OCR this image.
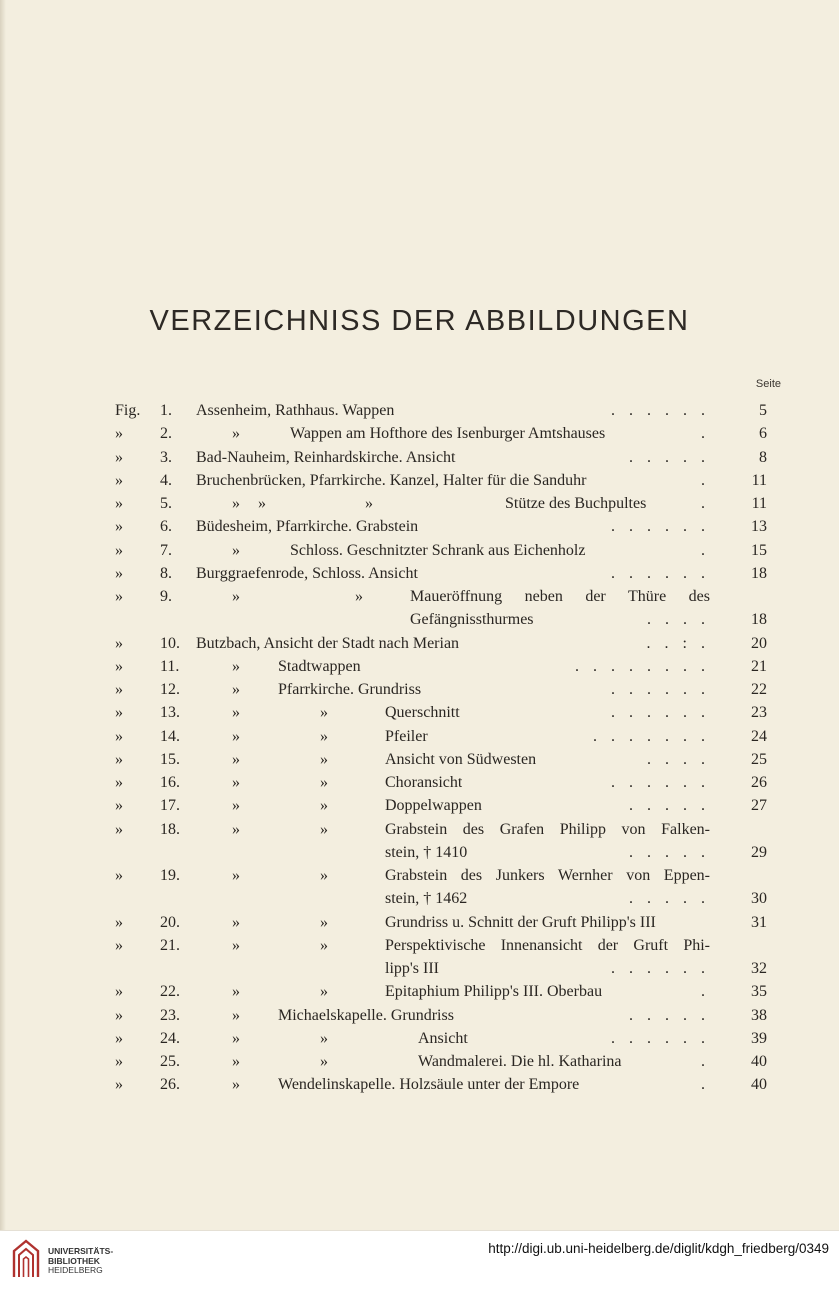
VERZEICHNISS DER ABBILDUNGEN
Seite
Fig. 1.	Assenheim, Rathhaus. Wappen	. . . . . .	5
» 2.	»	Wappen am Hofthore des Isenburger Amtshauses	.	6
» 3.	Bad-Nauheim, Reinhardskirche. Ansicht	. . . . .	8
» 4.	Bruchenbrücken, Pfarrkirche. Kanzel, Halter für die Sanduhr	.	11
» 5.	» »	»	Stütze des Buchpultes	.	11
» 6.	Büdesheim, Pfarrkirche. Grabstein	. . . . . .	13
» 7.	»	Schloss. Geschnitzter Schrank aus Eichenholz	.	15
» 8.	Burggraefenrode, Schloss. Ansicht	. . . . . .	18
» 9.	»	»	Maueröffnung neben der Thüre des
Gefängnissthurmes	. . . .	18
» 10. Butzbach, Ansicht der Stadt nach Merian	. . : .	20
» 11.	» Stadtwappen	. . . . . . . .	21
» 12.	» Pfarrkirche. Grundriss	. . . . . .	22
» 13.	»	»	Querschnitt	. . . . . .	23
» 14.	»	»	Pfeiler	. . . . . . .	24
» 15.	»	»	Ansicht von Südwesten	. . . .	25
» 16.	»	»	Choransicht	. . . . . .	26
» 17.	»	»	Doppelwappen	. . . . .	27
» 18.	»	»	Grabstein des Grafen Philipp von Falken-
stein, † 1410	. . . . .	29
» 19.	»	»	Grabstein des Junkers Wernher von Eppen-
stein, † 1462	. . . . .	30
» 20.	»	»	Grundriss u. Schnitt der Gruft Philipp's III	31
» 21.	»	»	Perspektivische Innenansicht der Gruft Phi-
lipp's III	. . . . . .	32
» 22.	»	»	Epitaphium Philipp's III. Oberbau	.	35
» 23.	» Michaelskapelle. Grundriss	. . . . .	38
» 24.	»	»	Ansicht	. . . . . .	39
» 25.	»	»	Wandmalerei. Die hl. Katharina	.	40
» 26.	» Wendelinskapelle. Holzsäule unter der Empore	.	40
UNIVERSITÄTS-
BIBLIOTHEK
HEIDELBERG
http://digi.ub.uni-heidelberg.de/diglit/kdgh_friedberg/0349
